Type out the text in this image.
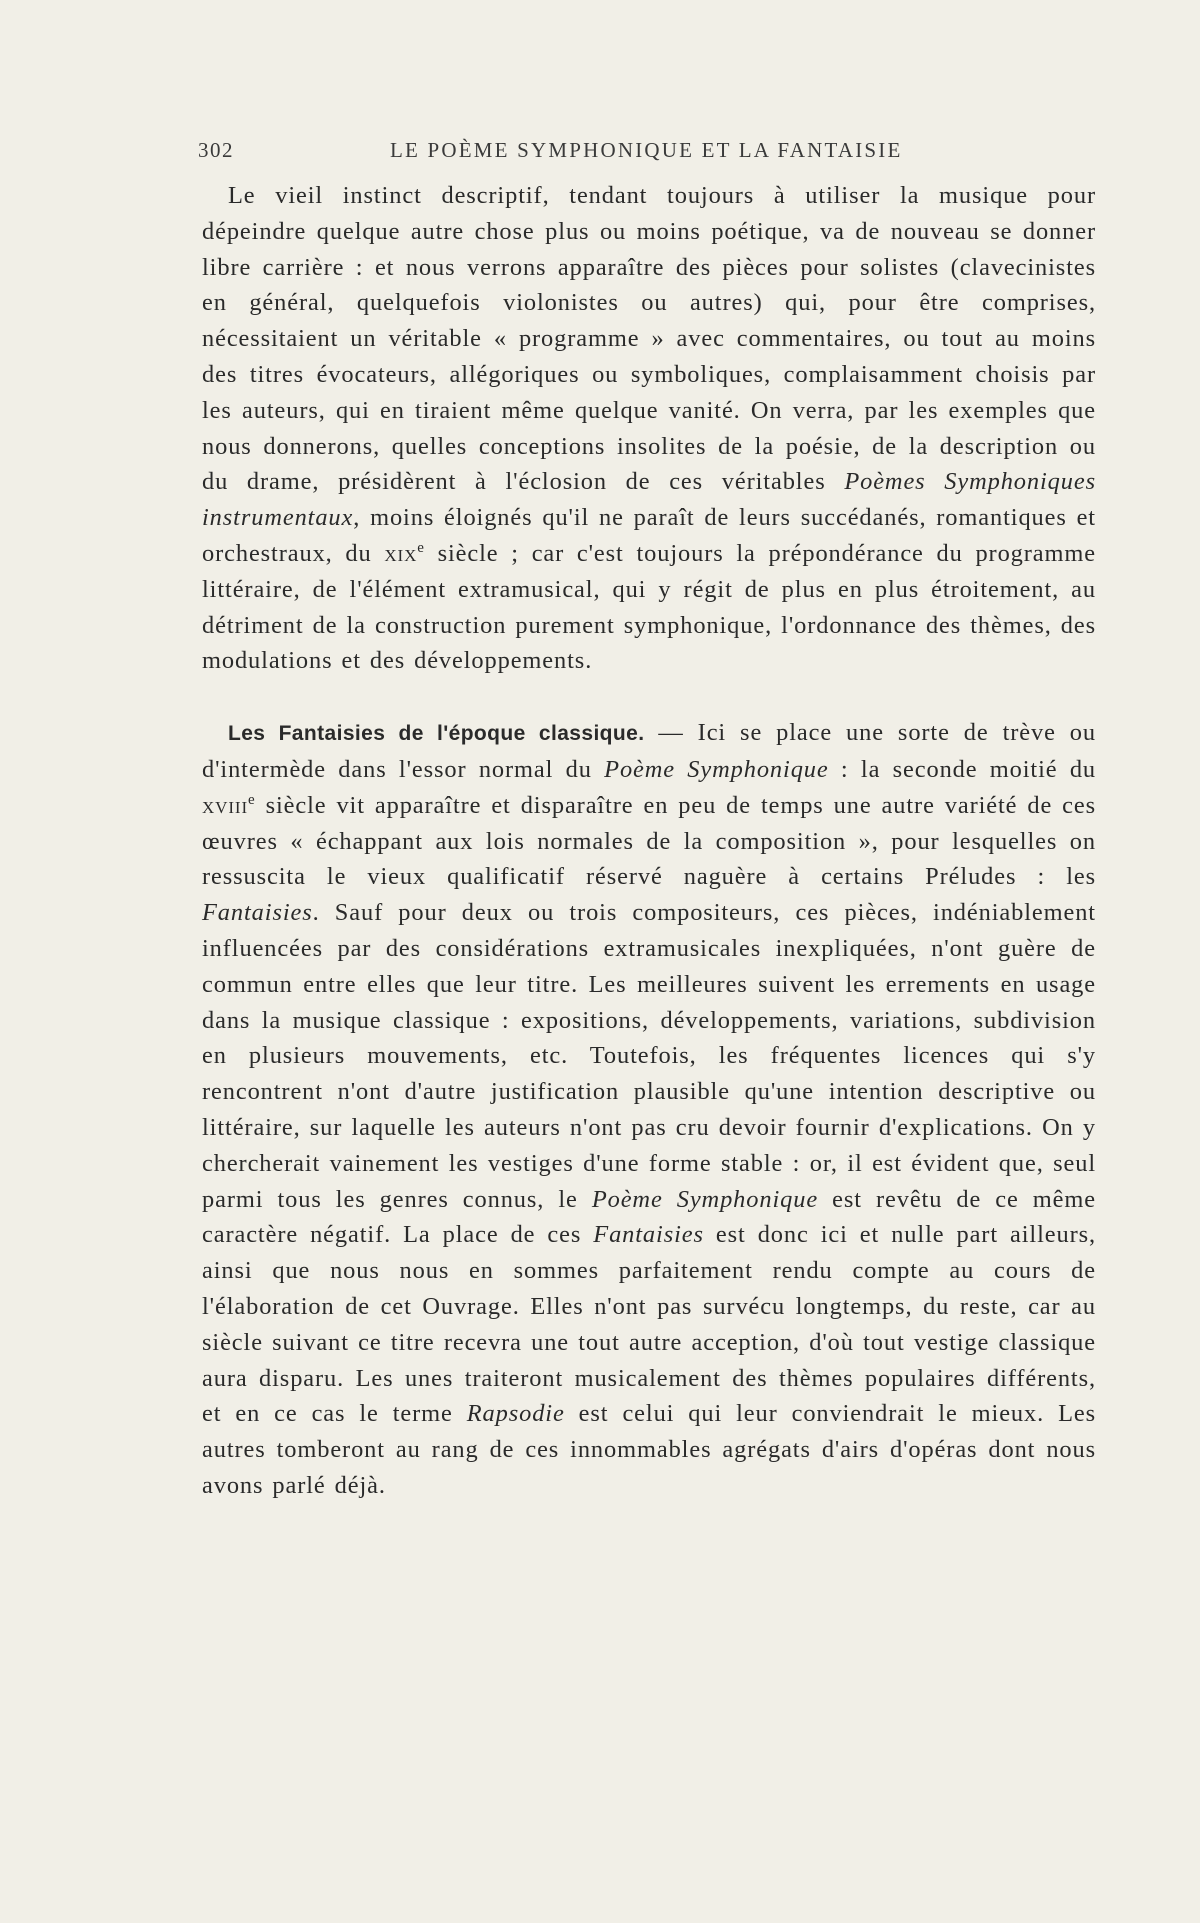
302	LE POÈME SYMPHONIQUE ET LA FANTAISIE

Le vieil instinct descriptif, tendant toujours à utiliser la musique pour dépeindre quelque autre chose plus ou moins poétique, va de nouveau se donner libre carrière : et nous verrons apparaître des pièces pour solistes (clavecinistes en général, quelquefois violonistes ou autres) qui, pour être comprises, nécessitaient un véritable « programme » avec commentaires, ou tout au moins des titres évocateurs, allégoriques ou symboliques, complaisamment choisis par les auteurs, qui en tiraient même quelque vanité. On verra, par les exemples que nous donnerons, quelles conceptions insolites de la poésie, de la description ou du drame, présidèrent à l'éclosion de ces véritables Poèmes Symphoniques instrumentaux, moins éloignés qu'il ne paraît de leurs succédanés, romantiques et orchestraux, du xix$^e$ siècle ; car c'est toujours la prépondérance du programme littéraire, de l'élément extramusical, qui y régit de plus en plus étroitement, au détriment de la construction purement symphonique, l'ordonnance des thèmes, des modulations et des développements.

Les Fantaisies de l'époque classique. — Ici se place une sorte de trève ou d'intermède dans l'essor normal du Poème Symphonique : la seconde moitié du xviii$^e$ siècle vit apparaître et disparaître en peu de temps une autre variété de ces œuvres « échappant aux lois normales de la composition », pour lesquelles on ressuscita le vieux qualificatif réservé naguère à certains Préludes : les Fantaisies. Sauf pour deux ou trois compositeurs, ces pièces, indéniablement influencées par des considérations extramusicales inexpliquées, n'ont guère de commun entre elles que leur titre. Les meilleures suivent les errements en usage dans la musique classique : expositions, développements, variations, subdivision en plusieurs mouvements, etc. Toutefois, les fréquentes licences qui s'y rencontrent n'ont d'autre justification plausible qu'une intention descriptive ou littéraire, sur laquelle les auteurs n'ont pas cru devoir fournir d'explications. On y chercherait vainement les vestiges d'une forme stable : or, il est évident que, seul parmi tous les genres connus, le Poème Symphonique est revêtu de ce même caractère négatif. La place de ces Fantaisies est donc ici et nulle part ailleurs, ainsi que nous nous en sommes parfaitement rendu compte au cours de l'élaboration de cet Ouvrage. Elles n'ont pas survécu longtemps, du reste, car au siècle suivant ce titre recevra une tout autre acception, d'où tout vestige classique aura disparu. Les unes traiteront musicalement des thèmes populaires différents, et en ce cas le terme Rapsodie est celui qui leur conviendrait le mieux. Les autres tomberont au rang de ces innommables agrégats d'airs d'opéras dont nous avons parlé déjà.
